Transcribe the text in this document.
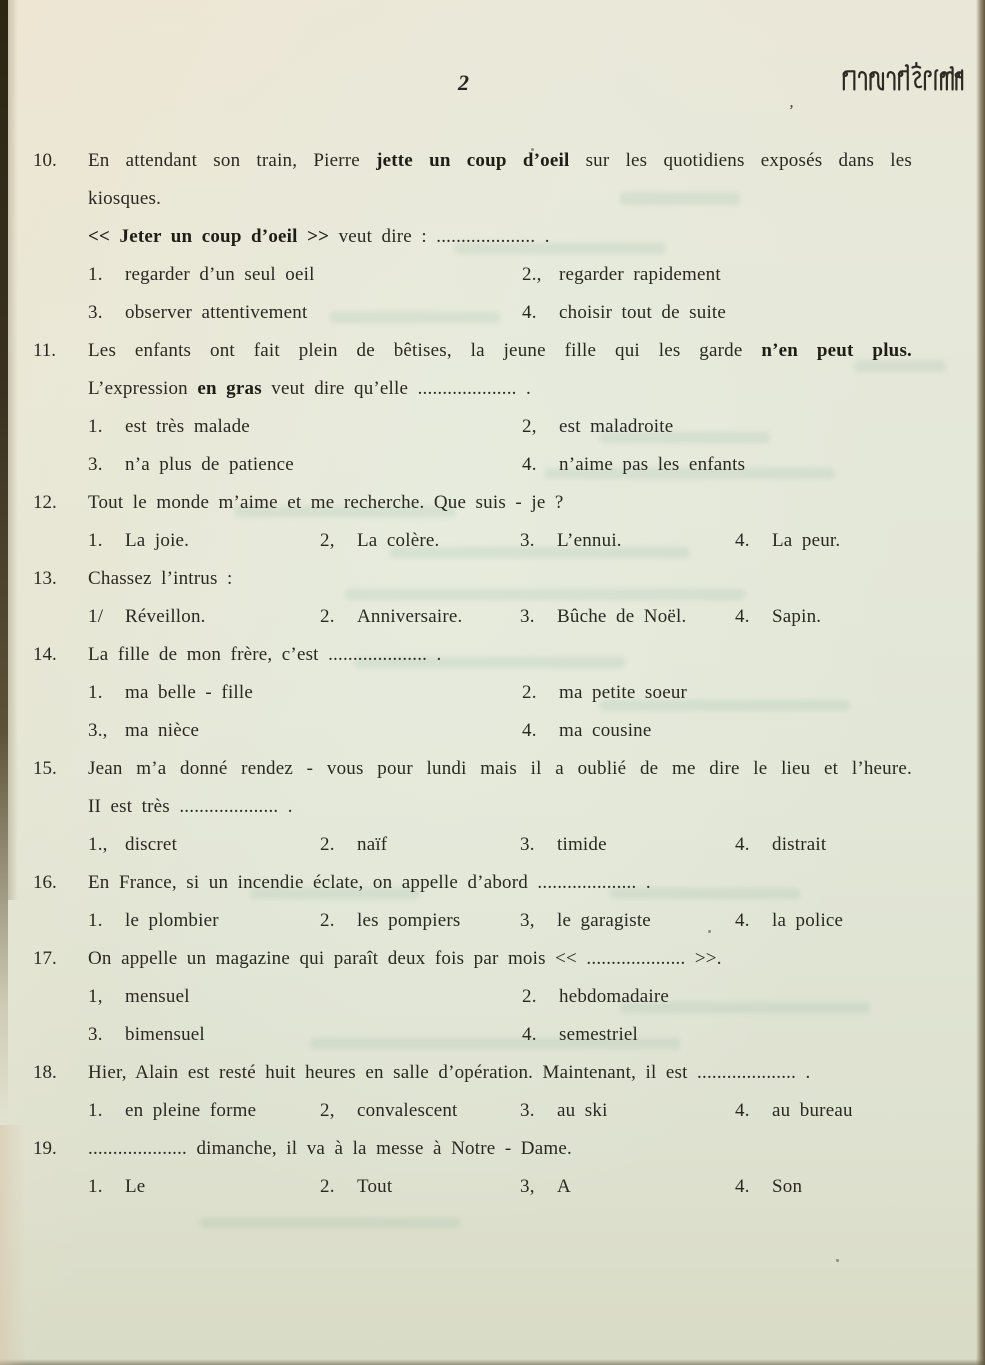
2
,
10.	En attendant son train, Pierre jette un coup d’oeil sur les quotidiens exposés dans les
kiosques.
<< Jeter un coup d’oeil >> veut dire : .................... .
1. regarder d’un seul oeil	2., regarder rapidement
3. observer attentivement	4. choisir tout de suite
11.	Les enfants ont fait plein de bêtises, la jeune fille qui les garde n’en peut plus.
L’expression en gras veut dire qu’elle .................... .
1. est très malade	2, est maladroite
3. n’a plus de patience	4. n’aime pas les enfants
12.	Tout le monde m’aime et me recherche. Que suis - je ?
1. La joie.	2, La colère.	3. L’ennui.	4. La peur.
13.	Chassez l’intrus :
1/ Réveillon.	2. Anniversaire.	3. Bûche de Noël.	4. Sapin.
14.	La fille de mon frère, c’est .................... .
1. ma belle - fille	2. ma petite soeur
3., ma nièce	4. ma cousine
15.	Jean m’a donné rendez - vous pour lundi mais il a oublié de me dire le lieu et l’heure.
II est très .................... .
1., discret	2. naïf	3. timide	4. distrait
16.	En France, si un incendie éclate, on appelle d’abord .................... .
1. le plombier	2. les pompiers	3, le garagiste	4. la police
17.	On appelle un magazine qui paraît deux fois par mois << .................... >>.
1, mensuel	2. hebdomadaire
3. bimensuel	4. semestriel
18.	Hier, Alain est resté huit heures en salle d’opération. Maintenant, il est .................... .
1. en pleine forme	2, convalescent	3. au ski	4. au bureau
19.	.................... dimanche, il va à la messe à Notre - Dame.
1. Le	2. Tout	3, A	4. Son
